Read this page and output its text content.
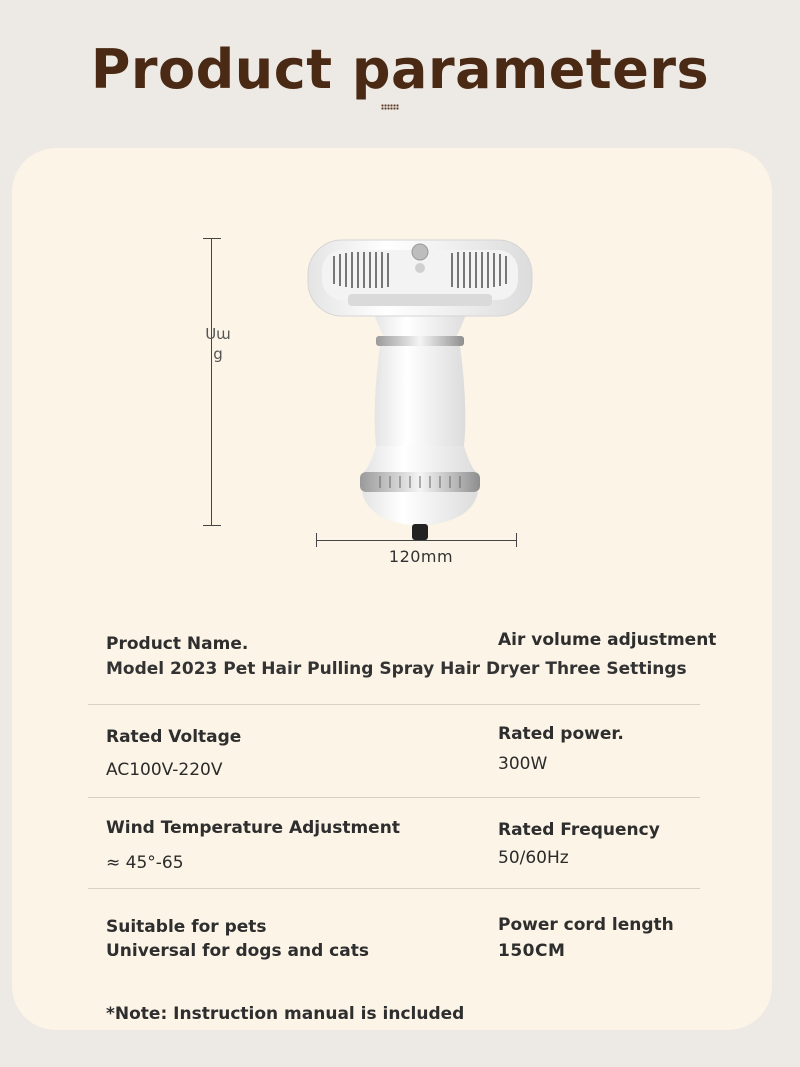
Product parameters
Սա
g
120mm
Product Name.	Air volume adjustment
Model 2023 Pet Hair Pulling Spray Hair Dryer Three Settings
Rated Voltage
AC100V-220V
Rated power.
300W
Wind Temperature Adjustment
≈ 45°-65
Rated Frequency
50/60Hz
Suitable for pets
Universal for dogs and cats
Power cord length
150CM
*Note: Instruction manual is included
